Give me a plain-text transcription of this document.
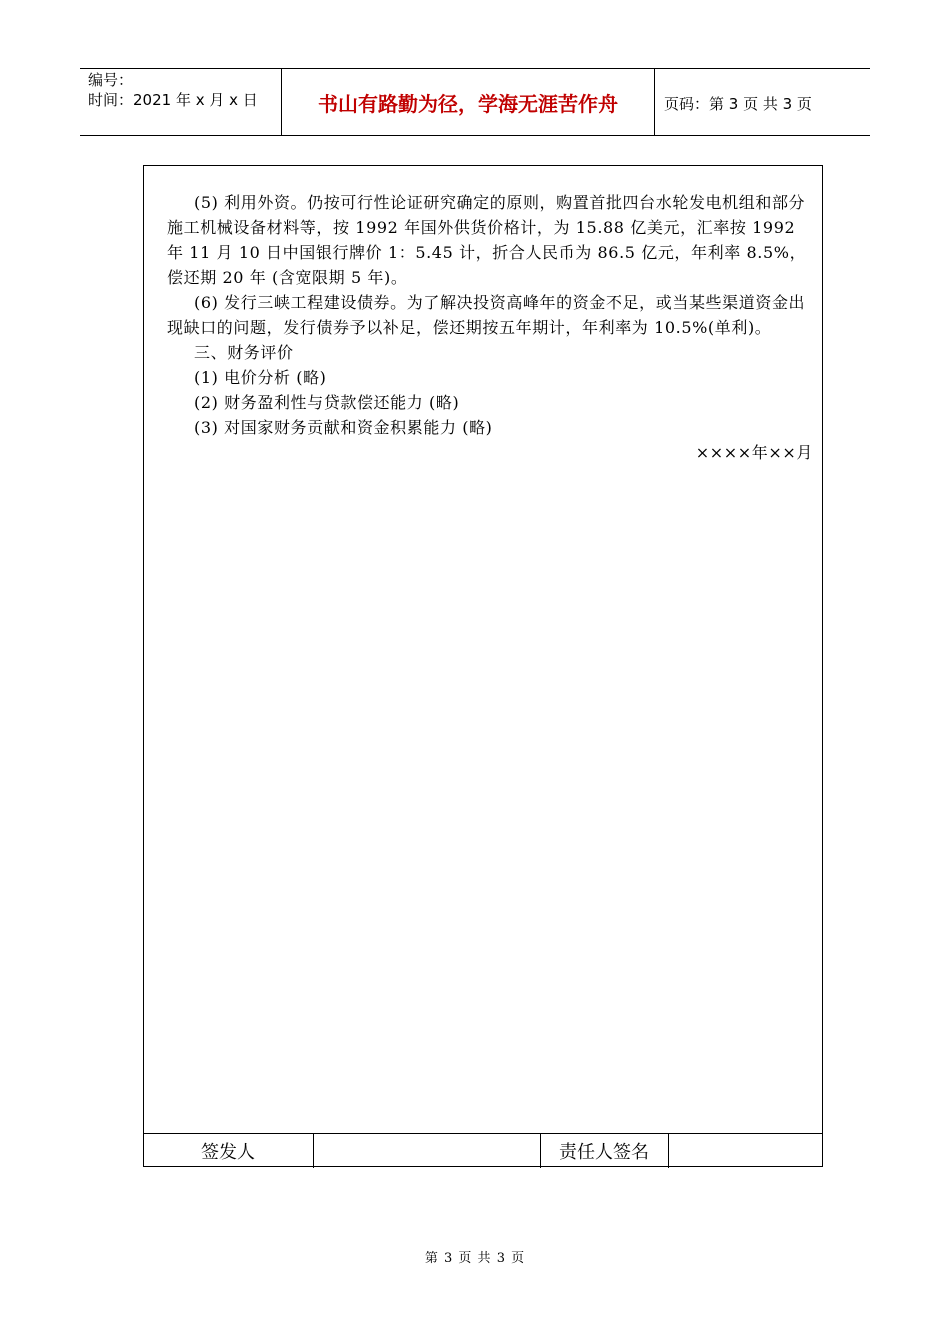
编号：
时间：2021 年 x 月 x 日	书山有路勤为径，学海无涯苦作舟	页码：第 3 页 共 3 页

(5) 利用外资。仍按可行性论证研究确定的原则，购置首批四台水轮发电机组和部分施工机械设备材料等，按 1992 年国外供货价格计，为 15.88 亿美元，汇率按 1992 年 11 月 10 日中国银行牌价 1：5.45 计，折合人民币为 86.5 亿元，年利率 8.5%，偿还期 20 年 (含宽限期 5 年)。

(6) 发行三峡工程建设债券。为了解决投资高峰年的资金不足，或当某些渠道资金出现缺口的问题，发行债券予以补足，偿还期按五年期计，年利率为 10.5%(单利)。

三、财务评价

(1) 电价分析 (略)

(2) 财务盈利性与贷款偿还能力 (略)

(3) 对国家财务贡献和资金积累能力 (略)

××××年××月

签发人	责任人签名
第 3 页 共 3 页
